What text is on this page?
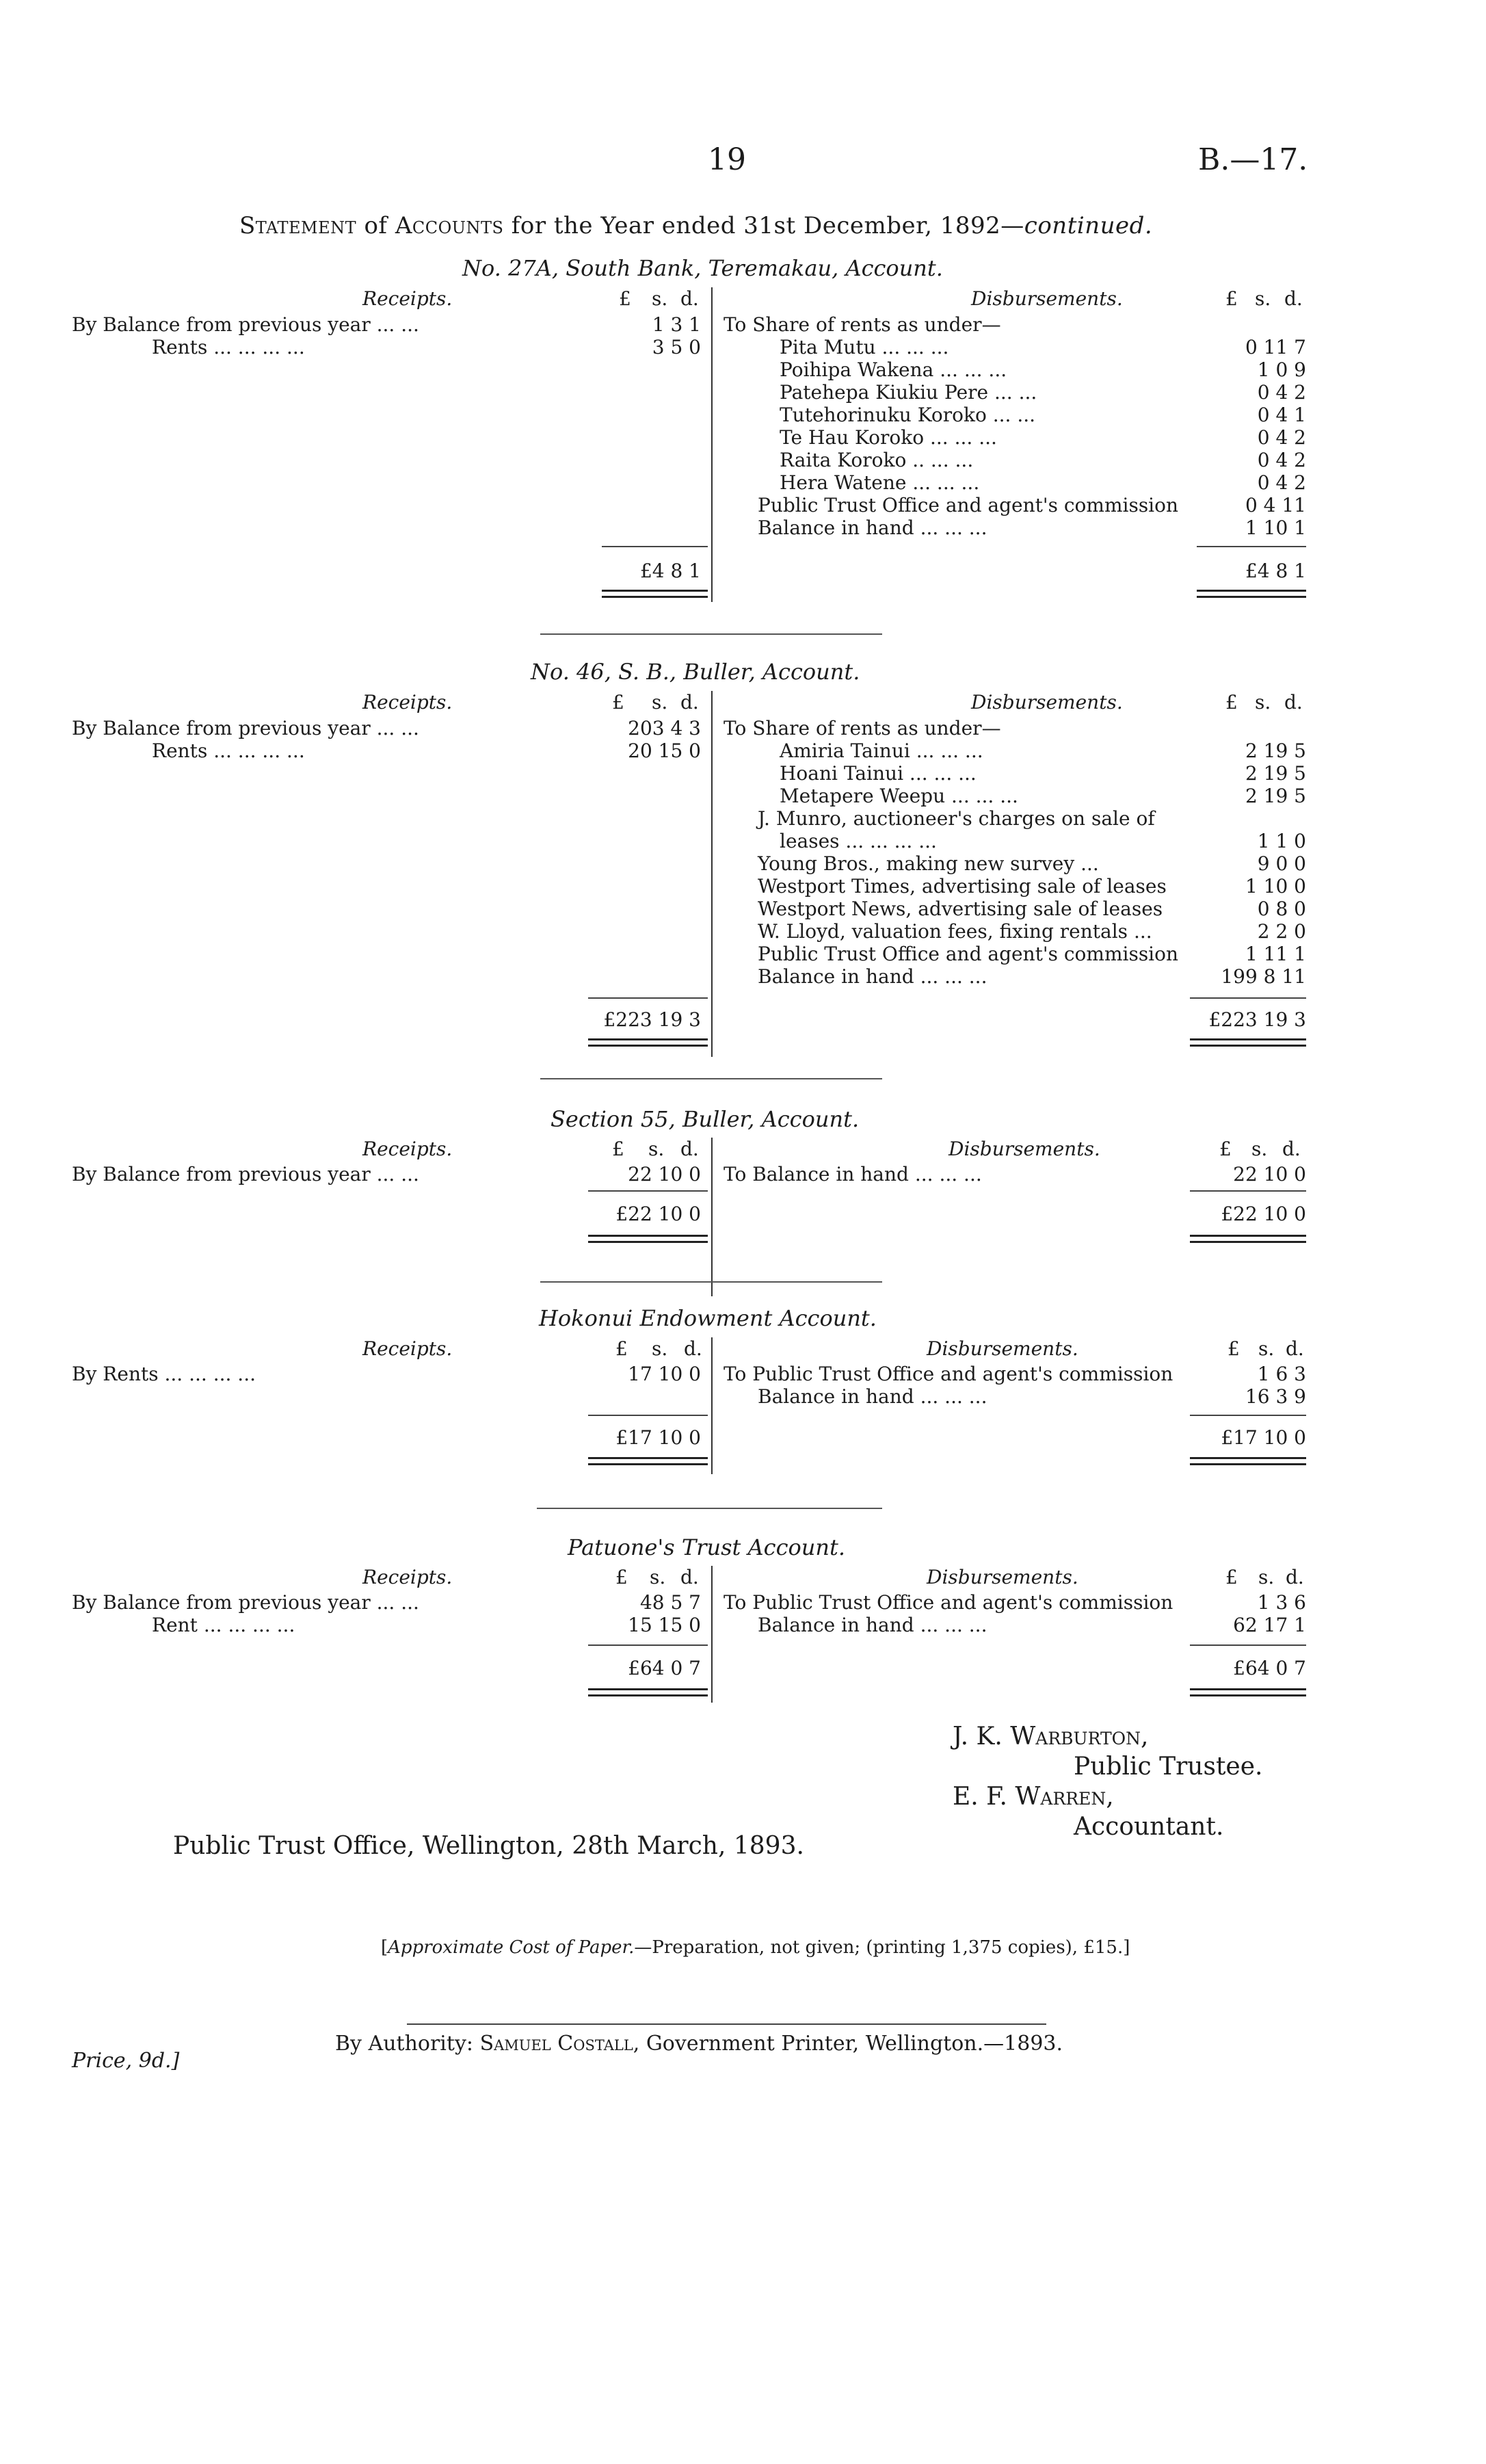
19	B.—17.
Statement of Accounts for the Year ended 31st December, 1892—continued.
No. 27A, South Bank, Teremakau, Account.
Receipts.	£ s. d.	Disbursements.	£ s. d.
By Balance from previous year ... ...	1 3 1
Rents ... ... ... ...	3 5 0
To Share of rents as under—
Pita Mutu ... ... ...	0 11 7
Poihipa Wakena ... ... ...	1 0 9
Patehepa Kiukiu Pere ... ...	0 4 2
Tutehorinuku Koroko ... ...	0 4 1
Te Hau Koroko ... ... ...	0 4 2
Raita Koroko .. ... ...	0 4 2
Hera Watene ... ... ...	0 4 2
Public Trust Office and agent's commission	0 4 11
Balance in hand ... ... ...	1 10 1
£4 8 1	£4 8 1
No. 46, S. B., Buller, Account.
Receipts.	£ s. d.	Disbursements.	£ s. d.
By Balance from previous year ... ...	203 4 3
Rents ... ... ... ...	20 15 0
To Share of rents as under—
Amiria Tainui ... ... ...	2 19 5
Hoani Tainui ... ... ...	2 19 5
Metapere Weepu ... ... ...	2 19 5
J. Munro, auctioneer's charges on sale of
leases ... ... ... ...	1 1 0
Young Bros., making new survey ...	9 0 0
Westport Times, advertising sale of leases	1 10 0
Westport News, advertising sale of leases	0 8 0
W. Lloyd, valuation fees, fixing rentals ...	2 2 0
Public Trust Office and agent's commission	1 11 1
Balance in hand ... ... ...	199 8 11
£223 19 3	£223 19 3
Section 55, Buller, Account.
Receipts.	£ s. d.	Disbursements.	£ s. d.
By Balance from previous year ... ...	22 10 0 To Balance in hand ... ... ...	22 10 0
£22 10 0	£22 10 0
Hokonui Endowment Account.
Receipts.	£ s. d.	Disbursements.	£ s. d.
By Rents ... ... ... ...	17 10 0 To Public Trust Office and agent's commission	1 6 3
Balance in hand ... ... ...	16 3 9
£17 10 0	£17 10 0
Patuone's Trust Account.
Receipts.	£ s. d.	Disbursements.	£ s. d.
By Balance from previous year ... ...	48 5 7
Rent ... ... ... ...	15 15 0
To Public Trust Office and agent's commission	1 3 6
Balance in hand ... ... ...	62 17 1
£64 0 7	£64 0 7
J. K. Warburton,
Public Trustee.
E. F. Warren,
Accountant.
Public Trust Office, Wellington, 28th March, 1893.
[Approximate Cost of Paper.—Preparation, not given; (printing 1,375 copies), £15.]
By Authority: Samuel Costall, Government Printer, Wellington.—1893.
Price, 9d.]
